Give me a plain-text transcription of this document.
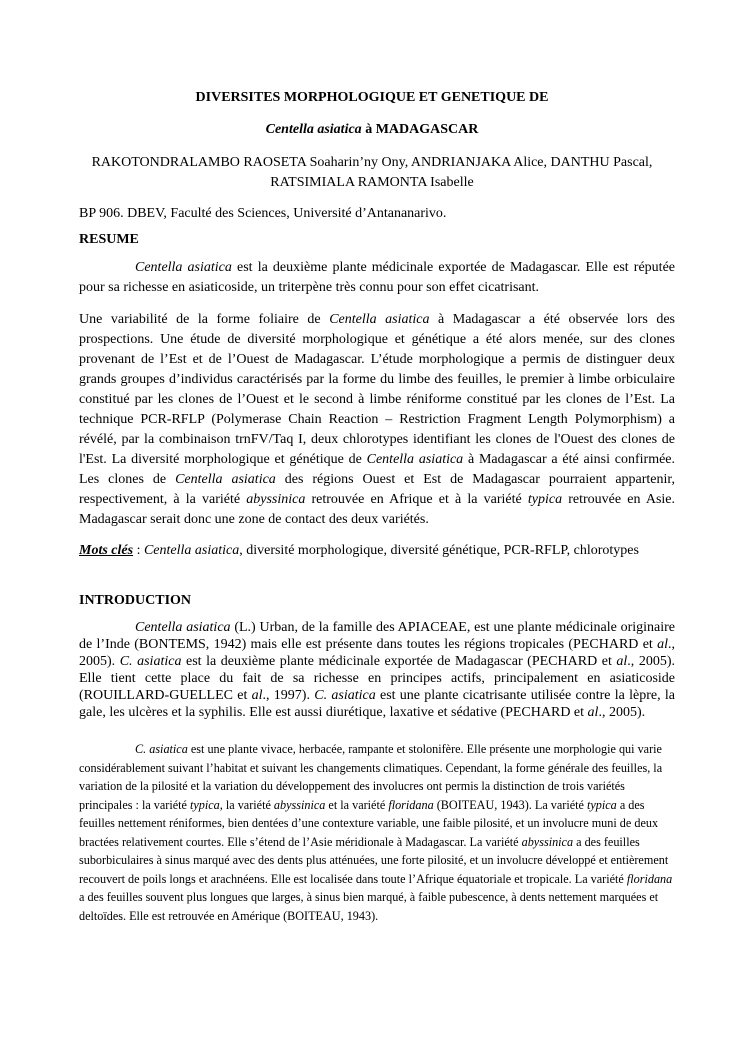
DIVERSITES MORPHOLOGIQUE ET GENETIQUE DE
Centella asiatica à MADAGASCAR
RAKOTONDRALAMBO RAOSETA Soaharin’ny Ony, ANDRIANJAKA Alice, DANTHU Pascal, RATSIMIALA RAMONTA Isabelle
BP 906. DBEV, Faculté des Sciences, Université d’Antananarivo.
RESUME
Centella asiatica est la deuxième plante médicinale exportée de Madagascar. Elle est réputée pour sa richesse en asiaticoside, un triterpène très connu pour son effet cicatrisant.
Une variabilité de la forme foliaire de Centella asiatica à Madagascar a été observée lors des prospections. Une étude de diversité morphologique et génétique a été alors menée, sur des clones provenant de l’Est et de l’Ouest de Madagascar. L’étude morphologique a permis de distinguer deux grands groupes d’individus caractérisés par la forme du limbe des feuilles, le premier à limbe orbiculaire constitué par les clones de l’Ouest et le second à limbe réniforme constitué par les clones de l’Est. La technique PCR-RFLP (Polymerase Chain Reaction – Restriction Fragment Length Polymorphism) a révélé, par la combinaison trnFV/Taq I, deux chlorotypes identifiant les clones de l'Ouest des clones de l'Est. La diversité morphologique et génétique de Centella asiatica à Madagascar a été ainsi confirmée. Les clones de Centella asiatica des régions Ouest et Est de Madagascar pourraient appartenir, respectivement, à la variété abyssinica retrouvée en Afrique et à la variété typica retrouvée en Asie. Madagascar serait donc une zone de contact des deux variétés.
Mots clés : Centella asiatica, diversité morphologique, diversité génétique, PCR-RFLP, chlorotypes
INTRODUCTION
Centella asiatica (L.) Urban, de la famille des APIACEAE, est une plante médicinale originaire de l’Inde (BONTEMS, 1942) mais elle est présente dans toutes les régions tropicales (PECHARD et al., 2005). C. asiatica est la deuxième plante médicinale exportée de Madagascar (PECHARD et al., 2005). Elle tient cette place du fait de sa richesse en principes actifs, principalement en asiaticoside (ROUILLARD-GUELLEC et al., 1997). C. asiatica est une plante cicatrisante utilisée contre la lèpre, la gale, les ulcères et la syphilis. Elle est aussi diurétique, laxative et sédative (PECHARD et al., 2005).
C. asiatica est une plante vivace, herbacée, rampante et stolonifère. Elle présente une morphologie qui varie considérablement suivant l’habitat et suivant les changements climatiques. Cependant, la forme générale des feuilles, la variation de la pilosité et la variation du développement des involucres ont permis la distinction de trois variétés principales : la variété typica, la variété abyssinica et la variété floridana (BOITEAU, 1943). La variété typica a des feuilles nettement réniformes, bien dentées d’une contexture variable, une faible pilosité, et un involucre muni de deux bractées relativement courtes. Elle s’étend de l’Asie méridionale à Madagascar. La variété abyssinica a des feuilles suborbiculaires à sinus marqué avec des dents plus atténuées, une forte pilosité, et un involucre développé et entièrement recouvert de poils longs et arachnéens. Elle est localisée dans toute l’Afrique équatoriale et tropicale. La variété floridana a des feuilles souvent plus longues que larges, à sinus bien marqué, à faible pubescence, à dents nettement marquées et deltoïdes. Elle est retrouvée en Amérique (BOITEAU, 1943).
